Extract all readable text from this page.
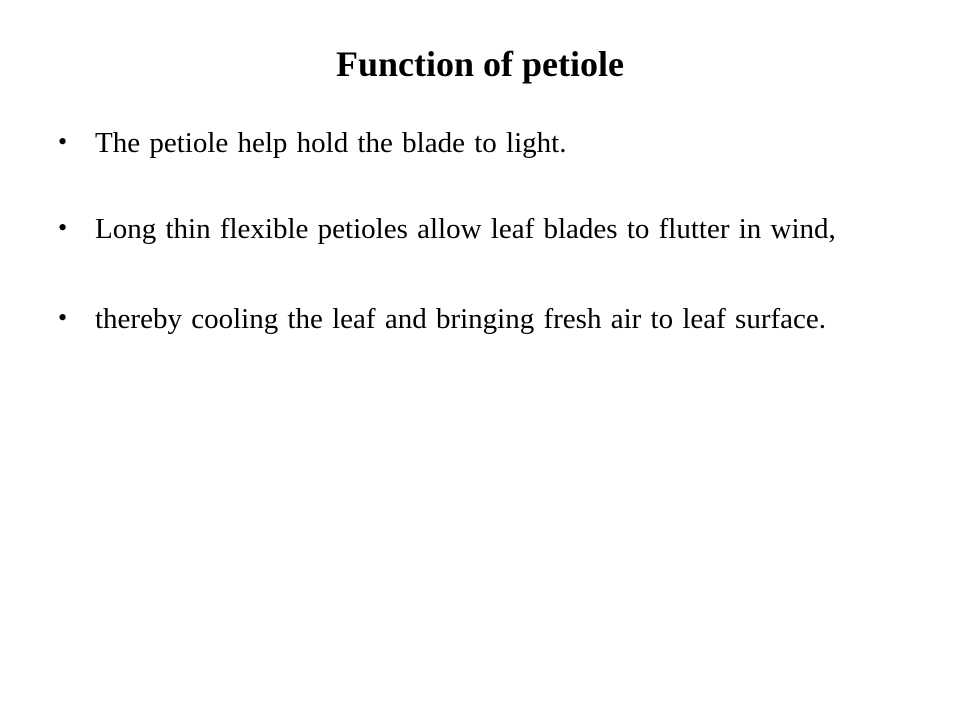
Function of petiole
• The petiole help hold the blade to light.
• Long thin flexible petioles allow leaf blades to flutter in wind,
• thereby cooling the leaf and bringing fresh air to leaf surface.
